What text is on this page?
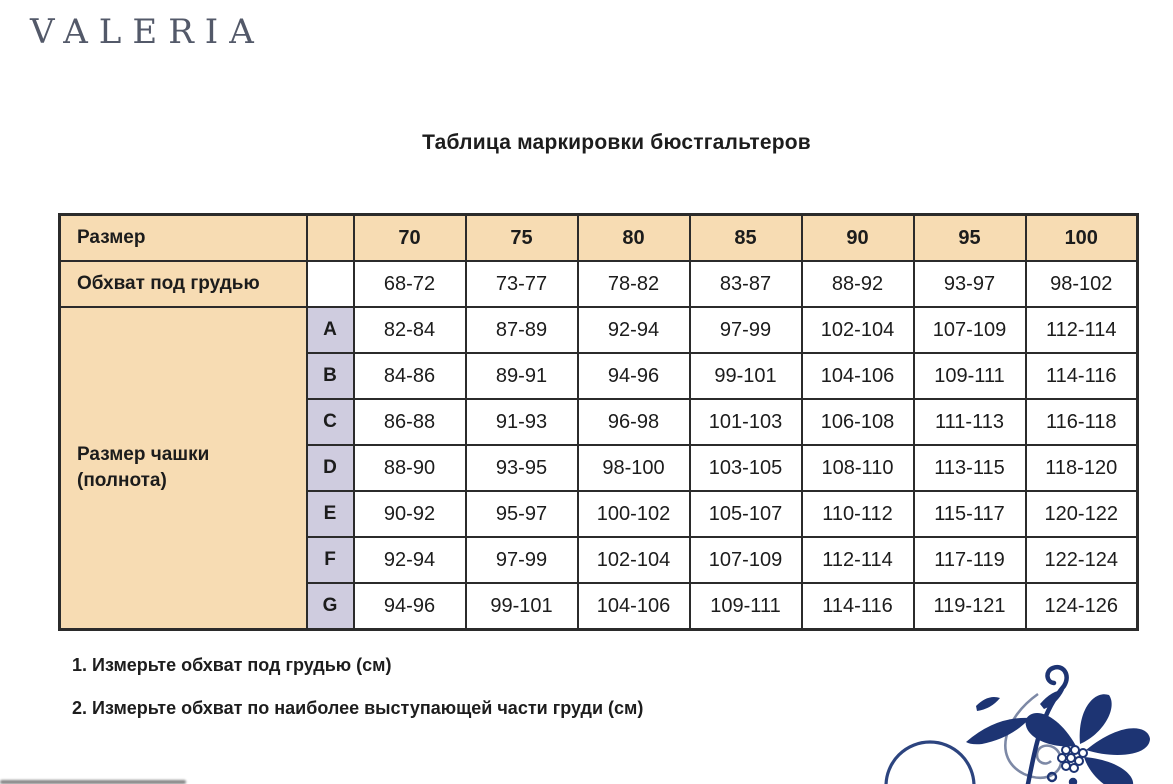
VALERIA
Таблица маркировки бюстгальтеров
Размер		70	75	80	85	90	95	100
Обхват под грудью		68-72	73-77	78-82	83-87	88-92	93-97	98-102

Размер чашки (полнота)	A	82-84	87-89	92-94	97-99	102-104	107-109	112-114
	B	84-86	89-91	94-96	99-101	104-106	109-111	114-116
	C	86-88	91-93	96-98	101-103	106-108	111-113	116-118
	D	88-90	93-95	98-100	103-105	108-110	113-115	118-120
	E	90-92	95-97	100-102	105-107	110-112	115-117	120-122
	F	92-94	97-99	102-104	107-109	112-114	117-119	122-124
	G	94-96	99-101	104-106	109-111	114-116	119-121	124-126
1. Измерьте обхват под грудью (см)
2. Измерьте обхват по наиболее выступающей части груди (см)
